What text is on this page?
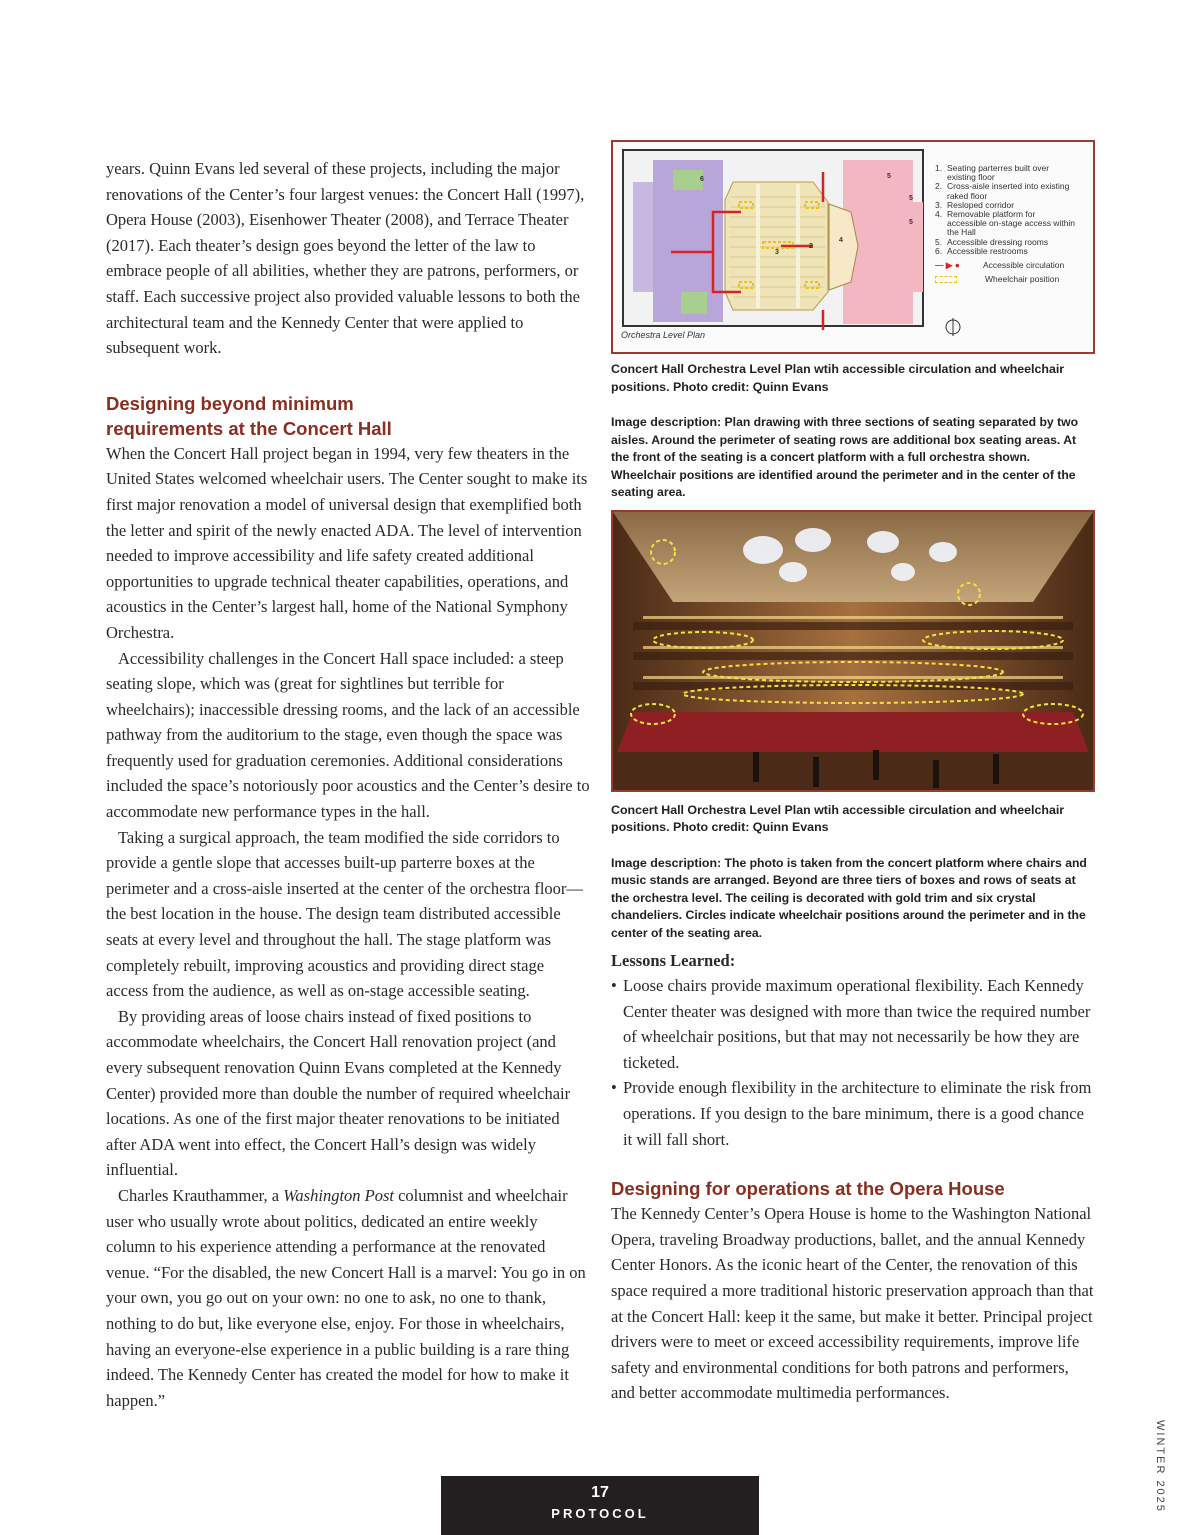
years. Quinn Evans led several of these projects, including the major renovations of the Center’s four largest venues: the Concert Hall (1997), Opera House (2003), Eisenhower Theater (2008), and Terrace Theater (2017). Each theater’s design goes beyond the letter of the law to embrace people of all abilities, whether they are patrons, performers, or staff. Each successive project also provided valuable lessons to both the architectural team and the Kennedy Center that were applied to subsequent work.

Designing beyond minimum requirements at the Concert Hall

When the Concert Hall project began in 1994, very few theaters in the United States welcomed wheelchair users. The Center sought to make its first major renovation a model of universal design that exemplified both the letter and spirit of the newly enacted ADA. The level of intervention needed to improve accessibility and life safety created additional opportunities to upgrade technical theater capabilities, operations, and acoustics in the Center’s largest hall, home of the National Symphony Orchestra.

Accessibility challenges in the Concert Hall space included: a steep seating slope, which was (great for sightlines but terrible for wheelchairs); inaccessible dressing rooms, and the lack of an accessible pathway from the auditorium to the stage, even though the space was frequently used for graduation ceremonies. Additional considerations included the space’s notoriously poor acoustics and the Center’s desire to accommodate new performance types in the hall.

Taking a surgical approach, the team modified the side corridors to provide a gentle slope that accesses built-up parterre boxes at the perimeter and a cross-aisle inserted at the center of the orchestra floor—the best location in the house. The design team distributed accessible seats at every level and throughout the hall. The stage platform was completely rebuilt, improving acoustics and providing direct stage access from the audience, as well as on-stage accessible seating.

By providing areas of loose chairs instead of fixed positions to accommodate wheelchairs, the Concert Hall renovation project (and every subsequent renovation Quinn Evans completed at the Kennedy Center) provided more than double the number of required wheelchair locations. As one of the first major theater renovations to be initiated after ADA went into effect, the Concert Hall’s design was widely influential.

Charles Krauthammer, a Washington Post columnist and wheelchair user who usually wrote about politics, dedicated an entire weekly column to his experience attending a performance at the renovated venue. “For the disabled, the new Concert Hall is a marvel: You go in on your own, you go out on your own: no one to ask, no one to thank, nothing to do but, like everyone else, enjoy. For those in wheelchairs, having an everyone-else experience in a public building is a rare thing indeed. The Kennedy Center has created the model for how to make it happen.”

6	5
5
5
3
2
4
Orchestra Level Plan
1. Seating parterres built over existing floor
2. Cross-aisle inserted into existing raked floor
3. Resloped corridor
4. Removable platform for accessible on-stage access within the Hall
5. Accessible dressing rooms
6. Accessible restrooms
— ▶ ●	Accessible circulation
Wheelchair position

Concert Hall Orchestra Level Plan wtih accessible circulation and wheelchair positions. Photo credit: Quinn Evans

Image description: Plan drawing with three sections of seating separated by two aisles. Around the perimeter of seating rows are additional box seating areas. At the front of the seating is a concert platform with a full orchestra shown. Wheelchair positions are identified around the perimeter and in the center of the seating area.

Concert Hall Orchestra Level Plan wtih accessible circulation and wheelchair positions. Photo credit: Quinn Evans

Image description: The photo is taken from the concert platform where chairs and music stands are arranged. Beyond are three tiers of boxes and rows of seats at the orchestra level. The ceiling is decorated with gold trim and six crystal chandeliers. Circles indicate wheelchair positions around the perimeter and in the center of the seating area.

Lessons Learned:

• Loose chairs provide maximum operational flexibility. Each Kennedy Center theater was designed with more than twice the required number of wheelchair positions, but that may not necessarily be how they are ticketed.
• Provide enough flexibility in the architecture to eliminate the risk from operations. If you design to the bare minimum, there is a good chance it will fall short.
Designing for operations at the Opera House

The Kennedy Center’s Opera House is home to the Washington National Opera, traveling Broadway productions, ballet, and the annual Kennedy Center Honors. As the iconic heart of the Center, the renovation of this space required a more traditional historic preservation approach than that at the Concert Hall: keep it the same, but make it better. Principal project drivers were to meet or exceed accessibility requirements, improve life safety and environmental conditions for both patrons and performers, and better accommodate multimedia performances.

17
PROTOCOL
WINTER 2025
